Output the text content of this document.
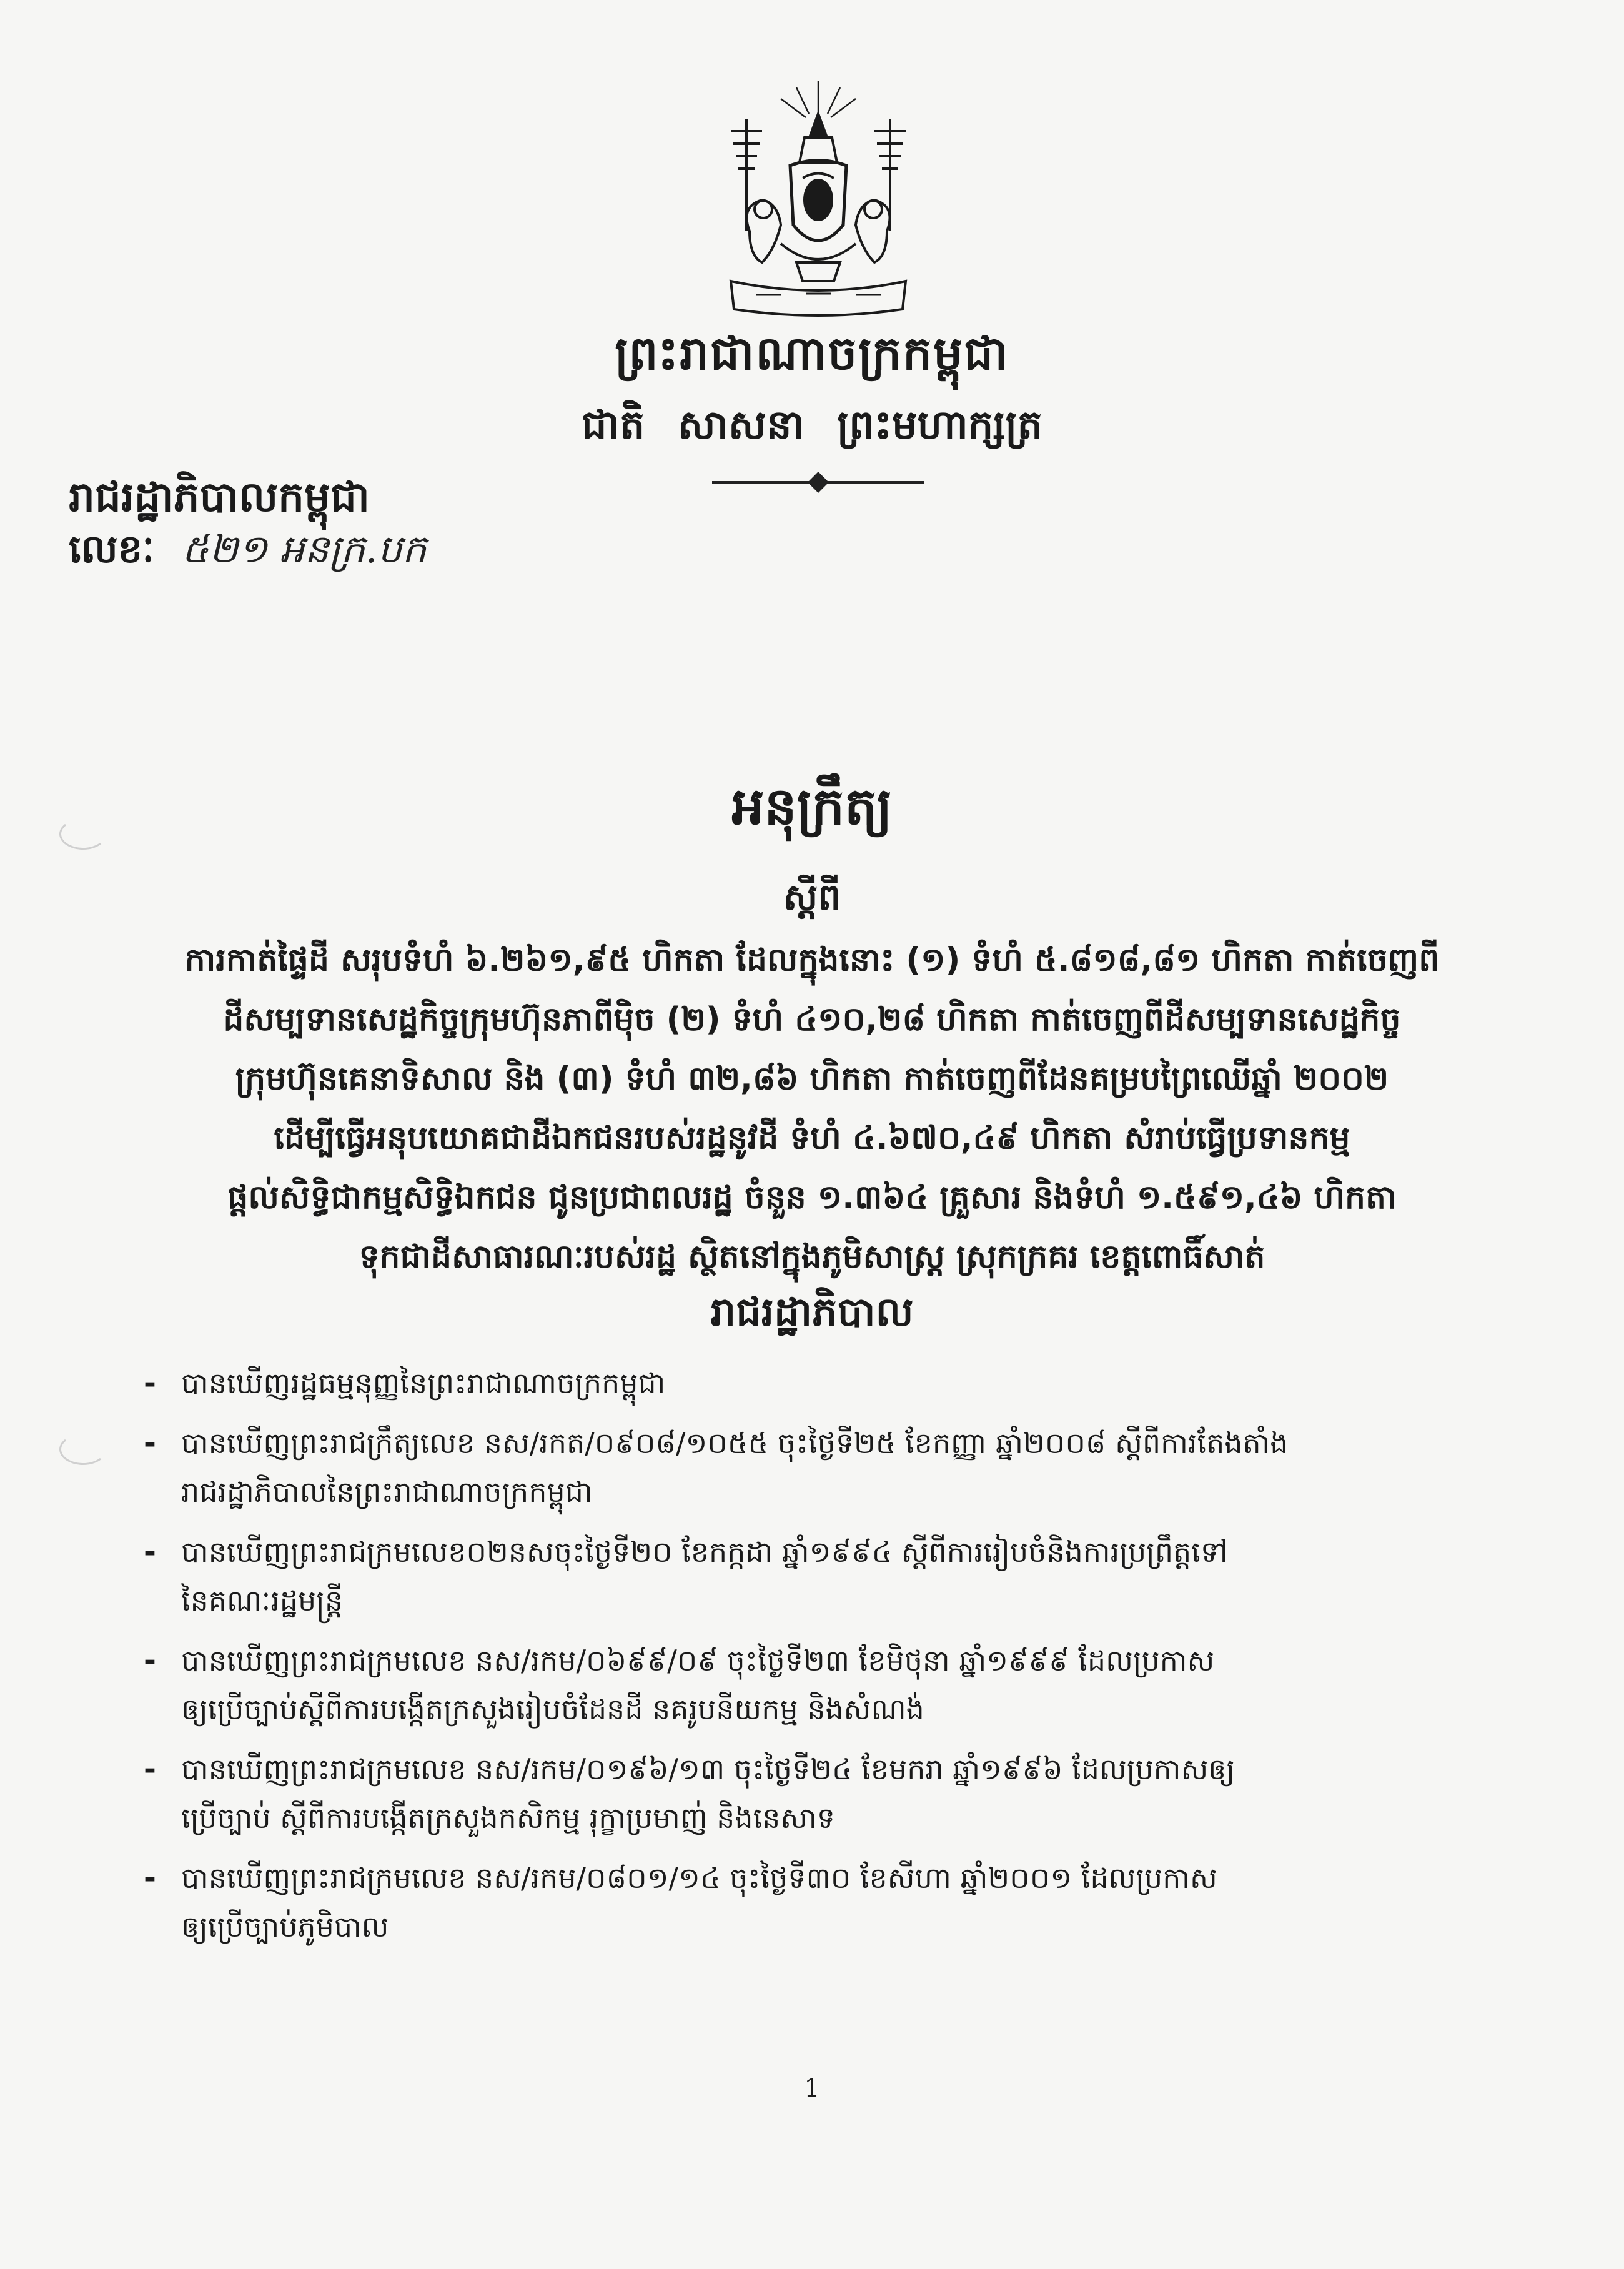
ព្រះរាជាណាចក្រកម្ពុជា
ជាតិ សាសនា ព្រះមហាក្សត្រ
រាជរដ្ឋាភិបាលកម្ពុជា
លេខៈ ៥២១ អនក្រ.បក
អនុក្រឹត្យ
ស្តីពី
ការកាត់ផ្ទៃដី សរុបទំហំ ៦.២៦១,៩៥ ហិកតា ដែលក្នុងនោះ (១) ទំហំ ៥.៨១៨,៨១ ហិកតា កាត់ចេញពី
ដីសម្បទានសេដ្ឋកិច្ចក្រុមហ៊ុនភាពីម៉ិច (២) ទំហំ ៤១០,២៨ ហិកតា កាត់ចេញពីដីសម្បទានសេដ្ឋកិច្ច
ក្រុមហ៊ុនគេនាទិសាល និង (៣) ទំហំ ៣២,៨៦ ហិកតា កាត់ចេញពីដែនគម្របព្រៃឈើឆ្នាំ ២០០២
ដើម្បីធ្វើអនុបយោគជាដីឯកជនរបស់រដ្ឋនូវដី ទំហំ ៤.៦៧០,៤៩ ហិកតា សំរាប់ធ្វើប្រទានកម្ម
ផ្តល់សិទ្ធិជាកម្មសិទ្ធិឯកជន ជូនប្រជាពលរដ្ឋ ចំនួន ១.៣៦៤ គ្រួសារ និងទំហំ ១.៥៩១,៤៦ ហិកតា
ទុកជាដីសាធារណៈរបស់រដ្ឋ ស្ថិតនៅក្នុងភូមិសាស្ត្រ ស្រុកក្រគរ ខេត្តពោធិ៍សាត់
រាជរដ្ឋាភិបាល
- បានឃើញរដ្ឋធម្មនុញ្ញនៃព្រះរាជាណាចក្រកម្ពុជា
- បានឃើញព្រះរាជក្រឹត្យលេខ នស/រកត/០៩០៨/១០៥៥ ចុះថ្ងៃទី២៥ ខែកញ្ញា ឆ្នាំ២០០៨ ស្តីពីការតែងតាំង
រាជរដ្ឋាភិបាលនៃព្រះរាជាណាចក្រកម្ពុជា
- បានឃើញព្រះរាជក្រមលេខ០២នសចុះថ្ងៃទី២០ ខែកក្កដា ឆ្នាំ១៩៩៤ ស្តីពីការរៀបចំនិងការប្រព្រឹត្តទៅ
នៃគណៈរដ្ឋមន្ត្រី
- បានឃើញព្រះរាជក្រមលេខ នស/រកម/០៦៩៩/០៩ ចុះថ្ងៃទី២៣ ខែមិថុនា ឆ្នាំ១៩៩៩ ដែលប្រកាស
ឲ្យប្រើច្បាប់ស្តីពីការបង្កើតក្រសួងរៀបចំដែនដី នគរូបនីយកម្ម និងសំណង់
- បានឃើញព្រះរាជក្រមលេខ នស/រកម/០១៩៦/១៣ ចុះថ្ងៃទី២៤ ខែមករា ឆ្នាំ១៩៩៦ ដែលប្រកាសឲ្យ
ប្រើច្បាប់ ស្តីពីការបង្កើតក្រសួងកសិកម្ម រុក្ខាប្រមាញ់ និងនេសាទ
- បានឃើញព្រះរាជក្រមលេខ នស/រកម/០៨០១/១៤ ចុះថ្ងៃទី៣០ ខែសីហា ឆ្នាំ២០០១ ដែលប្រកាស
ឲ្យប្រើច្បាប់ភូមិបាល
1
